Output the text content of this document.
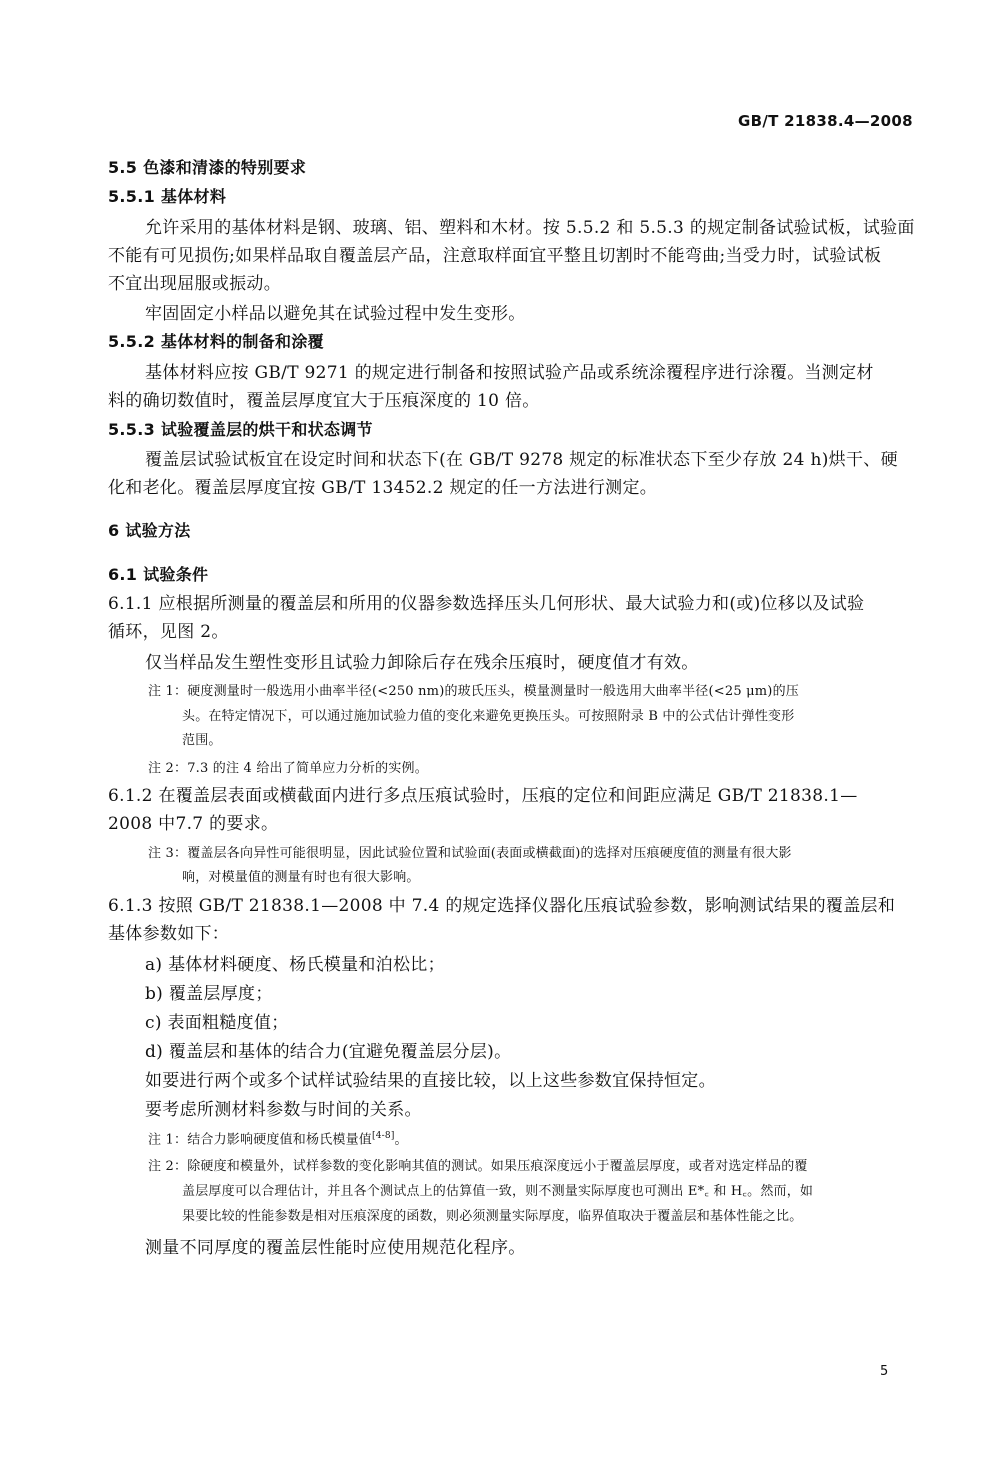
GB/T 21838.4—2008
5.5 色漆和清漆的特别要求
5.5.1 基体材料
允许采用的基体材料是钢、玻璃、铝、塑料和木材。按 5.5.2 和 5.5.3 的规定制备试验试板，试验面
不能有可见损伤;如果样品取自覆盖层产品，注意取样面宜平整且切割时不能弯曲;当受力时，试验试板
不宜出现屈服或振动。
牢固固定小样品以避免其在试验过程中发生变形。
5.5.2 基体材料的制备和涂覆
基体材料应按 GB/T 9271 的规定进行制备和按照试验产品或系统涂覆程序进行涂覆。当测定材
料的确切数值时，覆盖层厚度宜大于压痕深度的 10 倍。
5.5.3 试验覆盖层的烘干和状态调节
覆盖层试验试板宜在设定时间和状态下(在 GB/T 9278 规定的标准状态下至少存放 24 h)烘干、硬
化和老化。覆盖层厚度宜按 GB/T 13452.2 规定的任一方法进行测定。
6 试验方法
6.1 试验条件
6.1.1 应根据所测量的覆盖层和所用的仪器参数选择压头几何形状、最大试验力和(或)位移以及试验
循环，见图 2。
仅当样品发生塑性变形且试验力卸除后存在残余压痕时，硬度值才有效。
注 1：硬度测量时一般选用小曲率半径(<250 nm)的玻氏压头，模量测量时一般选用大曲率半径(<25 μm)的压
头。在特定情况下，可以通过施加试验力值的变化来避免更换压头。可按照附录 B 中的公式估计弹性变形
范围。
注 2：7.3 的注 4 给出了简单应力分析的实例。
6.1.2 在覆盖层表面或横截面内进行多点压痕试验时，压痕的定位和间距应满足 GB/T 21838.1—
2008 中7.7 的要求。
注 3：覆盖层各向异性可能很明显，因此试验位置和试验面(表面或横截面)的选择对压痕硬度值的测量有很大影
响，对模量值的测量有时也有很大影响。
6.1.3 按照 GB/T 21838.1—2008 中 7.4 的规定选择仪器化压痕试验参数，影响测试结果的覆盖层和
基体参数如下：
a) 基体材料硬度、杨氏模量和泊松比；
b) 覆盖层厚度；
c) 表面粗糙度值；
d) 覆盖层和基体的结合力(宜避免覆盖层分层)。
如要进行两个或多个试样试验结果的直接比较，以上这些参数宜保持恒定。
要考虑所测材料参数与时间的关系。
注 1：结合力影响硬度值和杨氏模量值[4-8]。
注 2：除硬度和模量外，试样参数的变化影响其值的测试。如果压痕深度远小于覆盖层厚度，或者对选定样品的覆
盖层厚度可以合理估计，并且各个测试点上的估算值一致，则不测量实际厚度也可测出 E*꜀ 和 H꜀。然而，如
果要比较的性能参数是相对压痕深度的函数，则必须测量实际厚度，临界值取决于覆盖层和基体性能之比。
测量不同厚度的覆盖层性能时应使用规范化程序。
5
